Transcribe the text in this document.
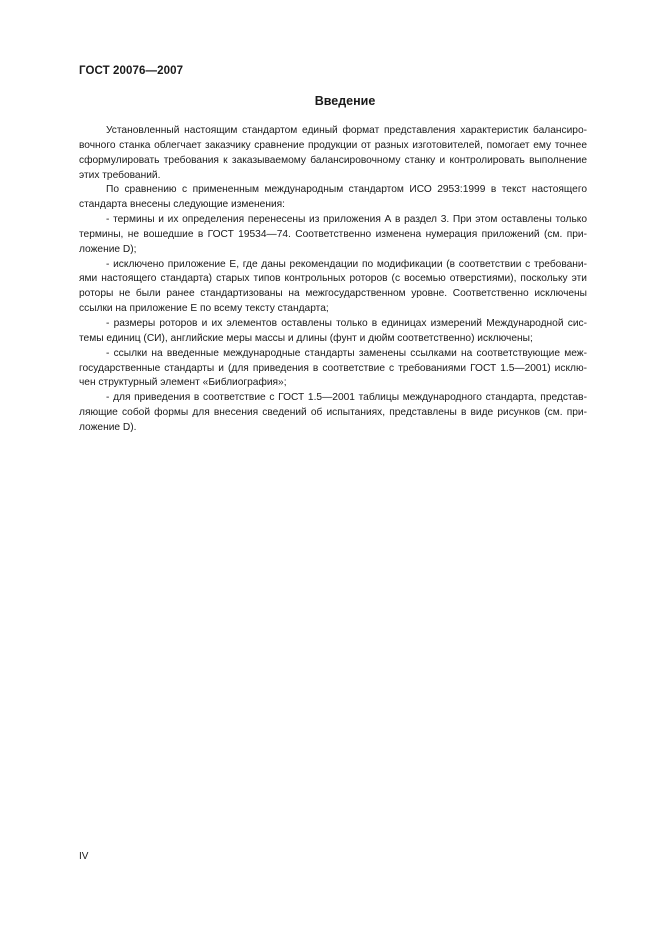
ГОСТ 20076—2007
Введение
Установленный настоящим стандартом единый формат представления характеристик балансиро-
вочного станка облегчает заказчику сравнение продукции от разных изготовителей, помогает ему точнее
сформулировать требования к заказываемому балансировочному станку и контролировать выполнение
этих требований.
По сравнению с примененным международным стандартом ИСО 2953:1999 в текст настоящего
стандарта внесены следующие изменения:
- термины и их определения перенесены из приложения А в раздел 3. При этом оставлены только
термины, не вошедшие в ГОСТ 19534—74. Соответственно изменена нумерация приложений (см. при-
ложение D);
- исключено приложение Е, где даны рекомендации по модификации (в соответствии с требовани-
ями настоящего стандарта) старых типов контрольных роторов (с восемью отверстиями), поскольку эти
роторы не были ранее стандартизованы на межгосударственном уровне. Соответственно исключены
ссылки на приложение Е по всему тексту стандарта;
- размеры роторов и их элементов оставлены только в единицах измерений Международной сис-
темы единиц (СИ), английские меры массы и длины (фунт и дюйм соответственно) исключены;
- ссылки на введенные международные стандарты заменены ссылками на соответствующие меж-
государственные стандарты и (для приведения в соответствие с требованиями ГОСТ 1.5—2001) исклю-
чен структурный элемент «Библиография»;
- для приведения в соответствие с ГОСТ 1.5—2001 таблицы международного стандарта, представ-
ляющие собой формы для внесения сведений об испытаниях, представлены в виде рисунков (см. при-
ложение D).
IV
